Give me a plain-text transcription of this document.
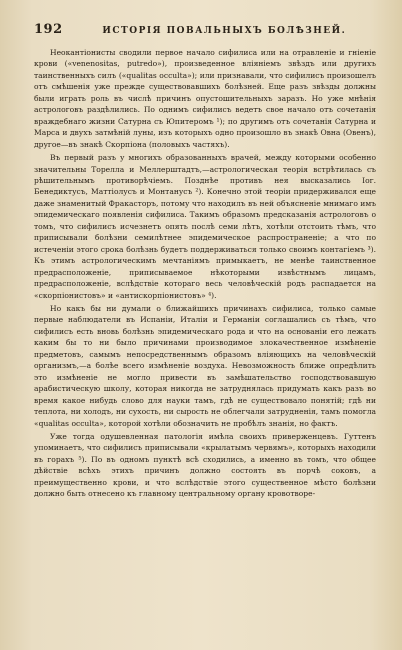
192	ИСТОРІЯ ПОВАЛЬНЫХЪ БОЛѢЗНЕЙ.

Неокантіонисты сводили первое начало сифилиса или на отравленіе и гніеніе крови («venenositas, putredo»), произведенное вліяніемъ звѣздъ или другихъ таинственныхъ силъ («qualitas occulta»); или признавали, что сифилисъ произошелъ отъ смѣшенія уже прежде существовавшихъ болѣзней. Еще разъ звѣзды должны были играть роль въ числѣ причинъ опустошительныхъ заразъ. Но уже мнѣнія астрологовъ раздѣлились. По однимъ сифилисъ ведетъ свое начало отъ сочетанія враждебнаго жизни Сатурна съ Юпитеромъ ¹); по другимъ отъ сочетанія Сатурна и Марса и двухъ затмѣній луны, изъ которыхъ одно произошло въ знакѣ Овна (Овенъ), другое—въ знакѣ Скорпіона (половыхъ частяхъ).

Въ первый разъ у многихъ образованныхъ врачей, между которыми особенно значительны Торелла и Меллерштадтъ,—астрологическая теорія встрѣтилась съ рѣшительнымъ противорѣчіемъ. Позднѣе противъ нея высказались Іог. Бенедиктусъ, Маттіолусъ и Монтанусъ ²). Конечно этой теоріи придерживался еще даже знаменитый Фракасторъ, потому что находилъ въ ней объясненіе мнимаго имъ эпидемическаго появленія сифилиса. Такимъ образомъ предсказанія астрологовъ о томъ, что сифилисъ исчезнетъ опять послѣ семи лѣтъ, хотѣли отстоить тѣмъ, что приписывали болѣзни семилѣтнее эпидемическое распространеніе; а что по истеченіи этого срока болѣзнь будетъ поддерживаться только своимъ контагіемъ ³). Къ этимъ астрологическимъ мечтаніямъ примыкаетъ, не менѣе таинственное предрасположеніе, приписываемое нѣкоторыми извѣстнымъ лицамъ, предрасположеніе, вслѣдствіе котораго весь человѣческій родъ распадается на «скорпіонистовъ» и «антискорпіонистовъ» ⁴).

Но какъ бы ни думали о ближайшихъ причинахъ сифилиса, только самые первые наблюдатели въ Испаніи, Италіи и Германіи соглашались съ тѣмъ, что сифилисъ есть вновь болѣзнь эпидемическаго рода и что на основаніи его лежать каким бы то ни было причинами производимое злокачественное измѣненіе предметовъ, самымъ непосредственнымъ образомъ вліяющихъ на человѣческій организмъ,—а болѣе всего измѣненіе воздуха. Невозможность ближе опредѣлить это измѣненіе не могло привести въ замѣшательство господствовавшую арабистическую школу, которая никогда не затруднялась придумать какъ разъ во время какое нибудь слово для науки тамъ, гдѣ не существовало понятій; гдѣ ни теплота, ни холодъ, ни сухость, ни сырость не облегчали затрудненія, тамъ помогла «qualitas occulta», которой хотѣли обозначить не пробѣлъ знанія, но фактъ.

Уже тогда одушевленная патологія имѣла своихъ приверженцевъ. Гуттенъ упоминаетъ, что сифилисъ приписывали «крылатымъ червямъ», которыхъ находили въ горахъ ⁵). По въ одномъ пунктѣ всѣ сходились, а именно въ томъ, что общее дѣйствіе всѣхъ этихъ причинъ должно состоять въ порчѣ соковъ, а преимущественно крови, и что вслѣдствіе этого существенное мѣсто болѣзни должно быть отнесено къ главному центральному органу кровотворе-
